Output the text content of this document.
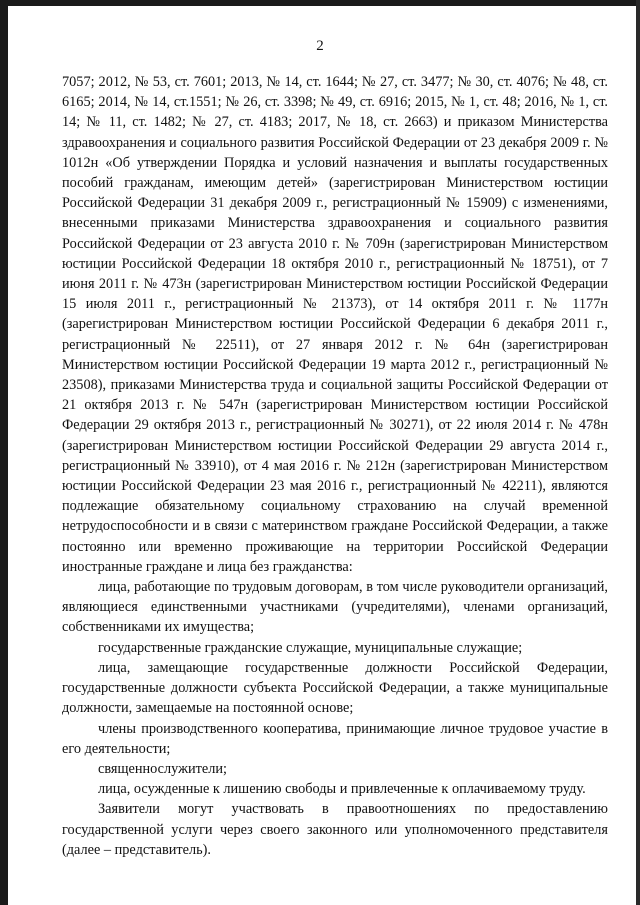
2

7057; 2012, № 53, ст. 7601; 2013, № 14, ст. 1644; № 27, ст. 3477; № 30, ст. 4076; № 48, ст. 6165; 2014, № 14, ст.1551; № 26, ст. 3398; № 49, ст. 6916; 2015, № 1, ст. 48; 2016, № 1, ст. 14; № 11, ст. 1482; № 27, ст. 4183; 2017, № 18, ст. 2663) и приказом Министерства здравоохранения и социального развития Российской Федерации от 23 декабря 2009 г. № 1012н «Об утверждении Порядка и условий назначения и выплаты государственных пособий гражданам, имеющим детей» (зарегистрирован Министерством юстиции Российской Федерации 31 декабря 2009 г., регистрационный № 15909) с изменениями, внесенными приказами Министерства здравоохранения и социального развития Российской Федерации от 23 августа 2010 г. № 709н (зарегистрирован Министерством юстиции Российской Федерации 18 октября 2010 г., регистрационный № 18751), от 7 июня 2011 г. № 473н (зарегистрирован Министерством юстиции Российской Федерации 15 июля 2011 г., регистрационный № 21373), от 14 октября 2011 г. № 1177н (зарегистрирован Министерством юстиции Российской Федерации 6 декабря 2011 г., регистрационный № 22511), от 27 января 2012 г. № 64н (зарегистрирован Министерством юстиции Российской Федерации 19 марта 2012 г., регистрационный № 23508), приказами Министерства труда и социальной защиты Российской Федерации от 21 октября 2013 г. № 547н (зарегистрирован Министерством юстиции Российской Федерации 29 октября 2013 г., регистрационный № 30271), от 22 июля 2014 г. № 478н (зарегистрирован Министерством юстиции Российской Федерации 29 августа 2014 г., регистрационный № 33910), от 4 мая 2016 г. № 212н (зарегистрирован Министерством юстиции Российской Федерации 23 мая 2016 г., регистрационный № 42211), являются подлежащие обязательному социальному страхованию на случай временной нетрудоспособности и в связи с материнством граждане Российской Федерации, а также постоянно или временно проживающие на территории Российской Федерации иностранные граждане и лица без гражданства:

лица, работающие по трудовым договорам, в том числе руководители организаций, являющиеся единственными участниками (учредителями), членами организаций, собственниками их имущества;

государственные гражданские служащие, муниципальные служащие;

лица, замещающие государственные должности Российской Федерации, государственные должности субъекта Российской Федерации, а также муниципальные должности, замещаемые на постоянной основе;

члены производственного кооператива, принимающие личное трудовое участие в его деятельности;

священнослужители;

лица, осужденные к лишению свободы и привлеченные к оплачиваемому труду.

Заявители могут участвовать в правоотношениях по предоставлению государственной услуги через своего законного или уполномоченного представителя (далее – представитель).
